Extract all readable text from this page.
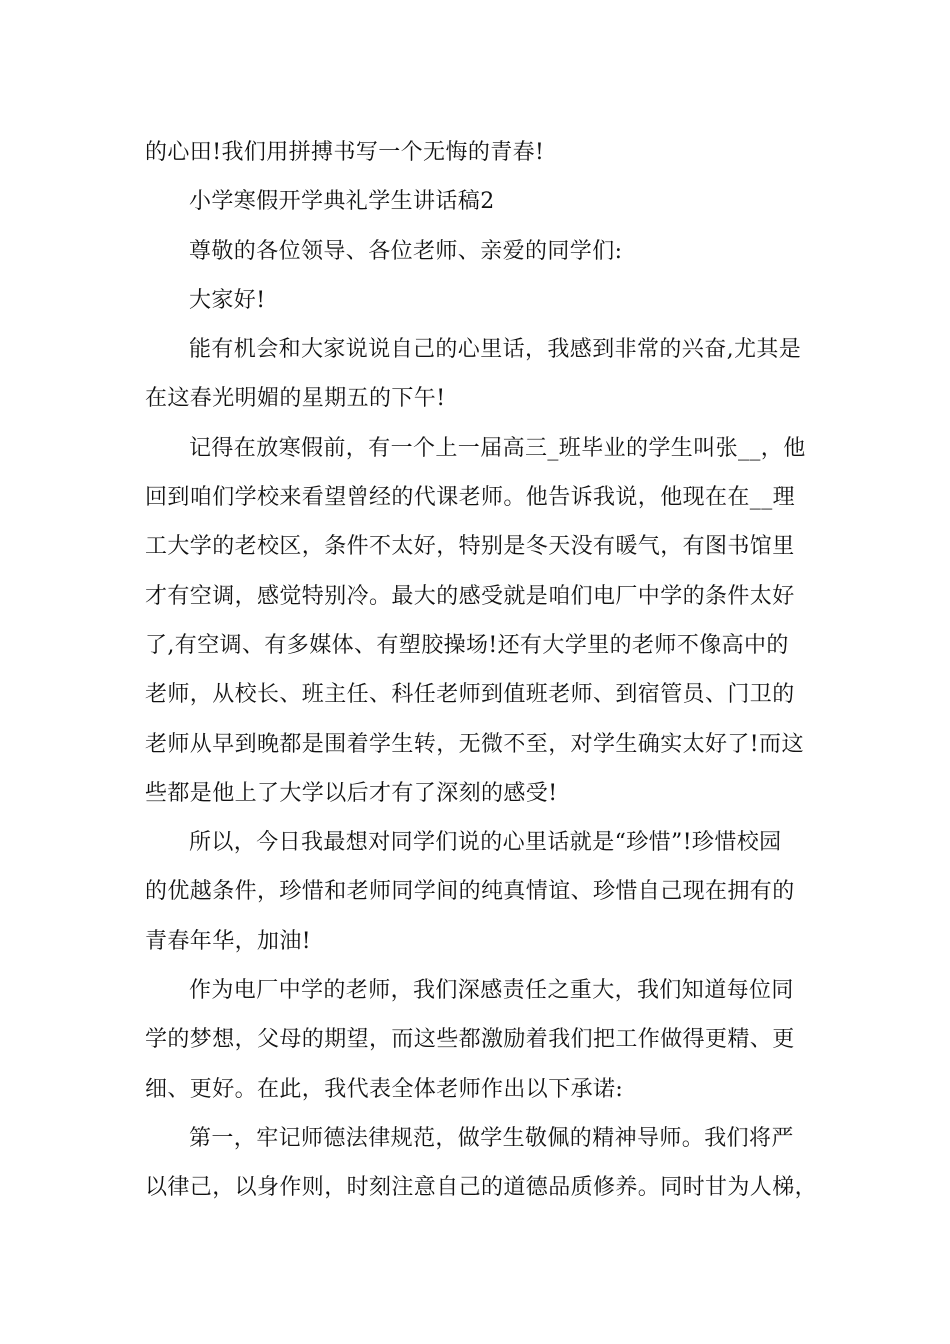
的心田!我们用拼搏书写一个无悔的青春!
小学寒假开学典礼学生讲话稿2
尊敬的各位领导、各位老师、亲爱的同学们:
大家好!
能有机会和大家说说自己的心里话，我感到非常的兴奋,尤其是
在这春光明媚的星期五的下午!
记得在放寒假前，有一个上一届高三_班毕业的学生叫张__，他
回到咱们学校来看望曾经的代课老师。他告诉我说，他现在在__理
工大学的老校区，条件不太好，特别是冬天没有暖气，有图书馆里
才有空调，感觉特别冷。最大的感受就是咱们电厂中学的条件太好
了,有空调、有多媒体、有塑胶操场!还有大学里的老师不像高中的
老师，从校长、班主任、科任老师到值班老师、到宿管员、门卫的
老师从早到晚都是围着学生转，无微不至，对学生确实太好了!而这
些都是他上了大学以后才有了深刻的感受!
所以，今日我最想对同学们说的心里话就是“珍惜”!珍惜校园
的优越条件，珍惜和老师同学间的纯真情谊、珍惜自己现在拥有的
青春年华，加油!
作为电厂中学的老师，我们深感责任之重大，我们知道每位同
学的梦想，父母的期望，而这些都激励着我们把工作做得更精、更
细、更好。在此，我代表全体老师作出以下承诺:
第一，牢记师德法律规范，做学生敬佩的精神导师。我们将严
以律己，以身作则，时刻注意自己的道德品质修养。同时甘为人梯，
